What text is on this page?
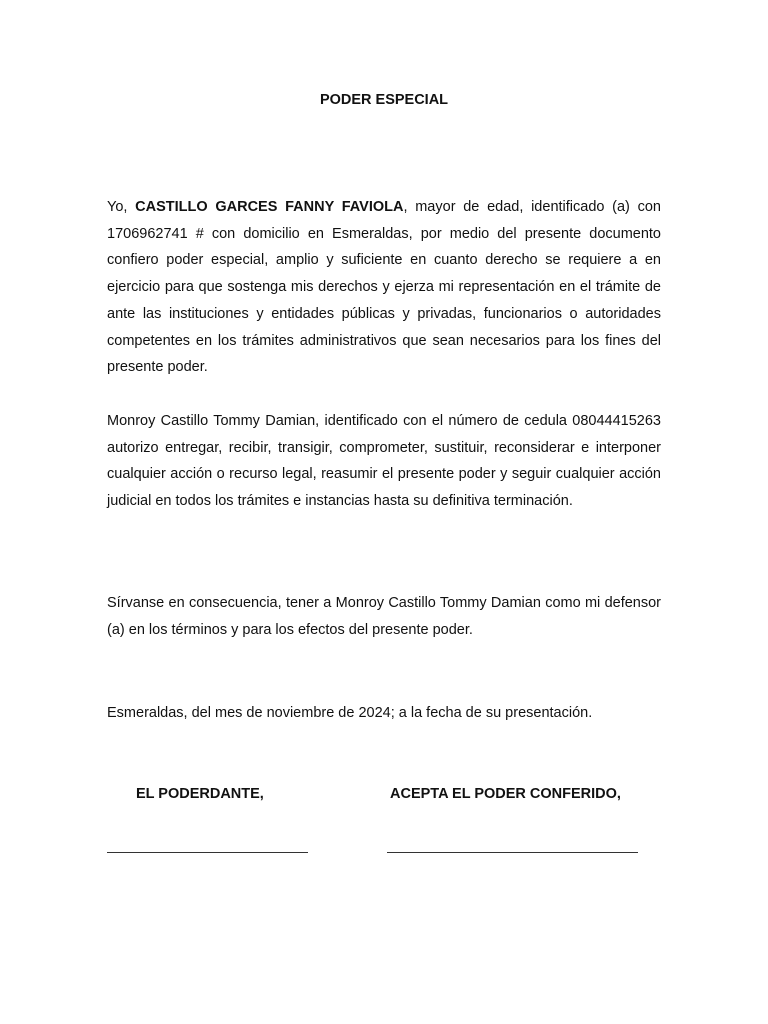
PODER ESPECIAL

Yo, CASTILLO GARCES FANNY FAVIOLA, mayor de edad, identificado (a) con 1706962741 # con domicilio en Esmeraldas, por medio del presente documento confiero poder especial, amplio y suficiente en cuanto derecho se requiere a en ejercicio para que sostenga mis derechos y ejerza mi representación en el trámite de ante las instituciones y entidades públicas y privadas, funcionarios o autoridades competentes en los trámites administrativos que sean necesarios para los fines del presente poder.

Monroy Castillo Tommy Damian, identificado con el número de cedula 08044415263 autorizo entregar, recibir, transigir, comprometer, sustituir, reconsiderar e interponer cualquier acción o recurso legal, reasumir el presente poder y seguir cualquier acción judicial en todos los trámites e instancias hasta su definitiva terminación.

Sírvanse en consecuencia, tener a Monroy Castillo Tommy Damian como mi defensor (a) en los términos y para los efectos del presente poder.

Esmeraldas, del mes de noviembre de 2024; a la fecha de su presentación.

EL PODERDANTE,	ACEPTA EL PODER CONFERIDO,
